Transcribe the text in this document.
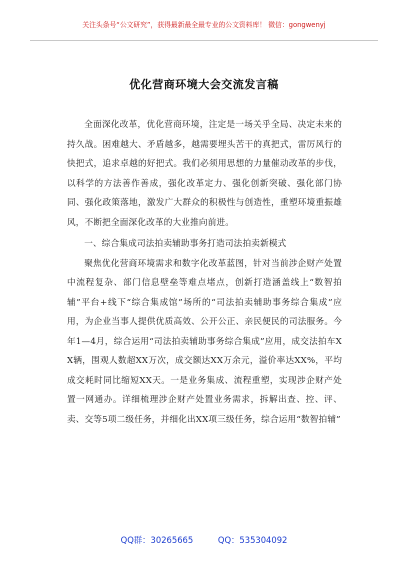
关注头条号“公文研究”，获得最新最全最专业的公文资料库！ 微信：gongwenyj
优化营商环境大会交流发言稿

全面深化改革，优化营商环境，注定是一场关乎全局、决定未来的持久战。困难越大、矛盾越多，越需要埋头苦干的真把式，雷厉风行的快把式，追求卓越的好把式。我们必须用思想的力量催动改革的步伐，以科学的方法善作善成，强化改革定力、强化创新突破、强化部门协同、强化政策落地，激发广大群众的积极性与创造性，重塑环境重振雄风，不断把全面深化改革的大业推向前进。

一、综合集成司法拍卖辅助事务打造司法拍卖新模式

聚焦优化营商环境需求和数字化改革蓝图，针对当前涉企财产处置中流程复杂、部门信息壁垒等难点堵点，创新打造涵盖线上“数智拍辅”平台+线下“综合集成馆”场所的“司法拍卖辅助事务综合集成”应用，为企业当事人提供优质高效、公开公正、亲民便民的司法服务。今年1—4月，综合运用“司法拍卖辅助事务综合集成”应用，成交法拍车XX辆，围观人数超XX万次，成交额达XX万余元，溢价率达XX%，平均成交耗时同比缩短XX天。一是业务集成、流程重塑，实现涉企财产处置一网通办。详细梳理涉企财产处置业务需求，拆解出查、控、评、卖、交等5项二级任务，并细化出XX项三级任务，综合运用“数智拍辅”

QQ群：30265665	QQ：535304092
